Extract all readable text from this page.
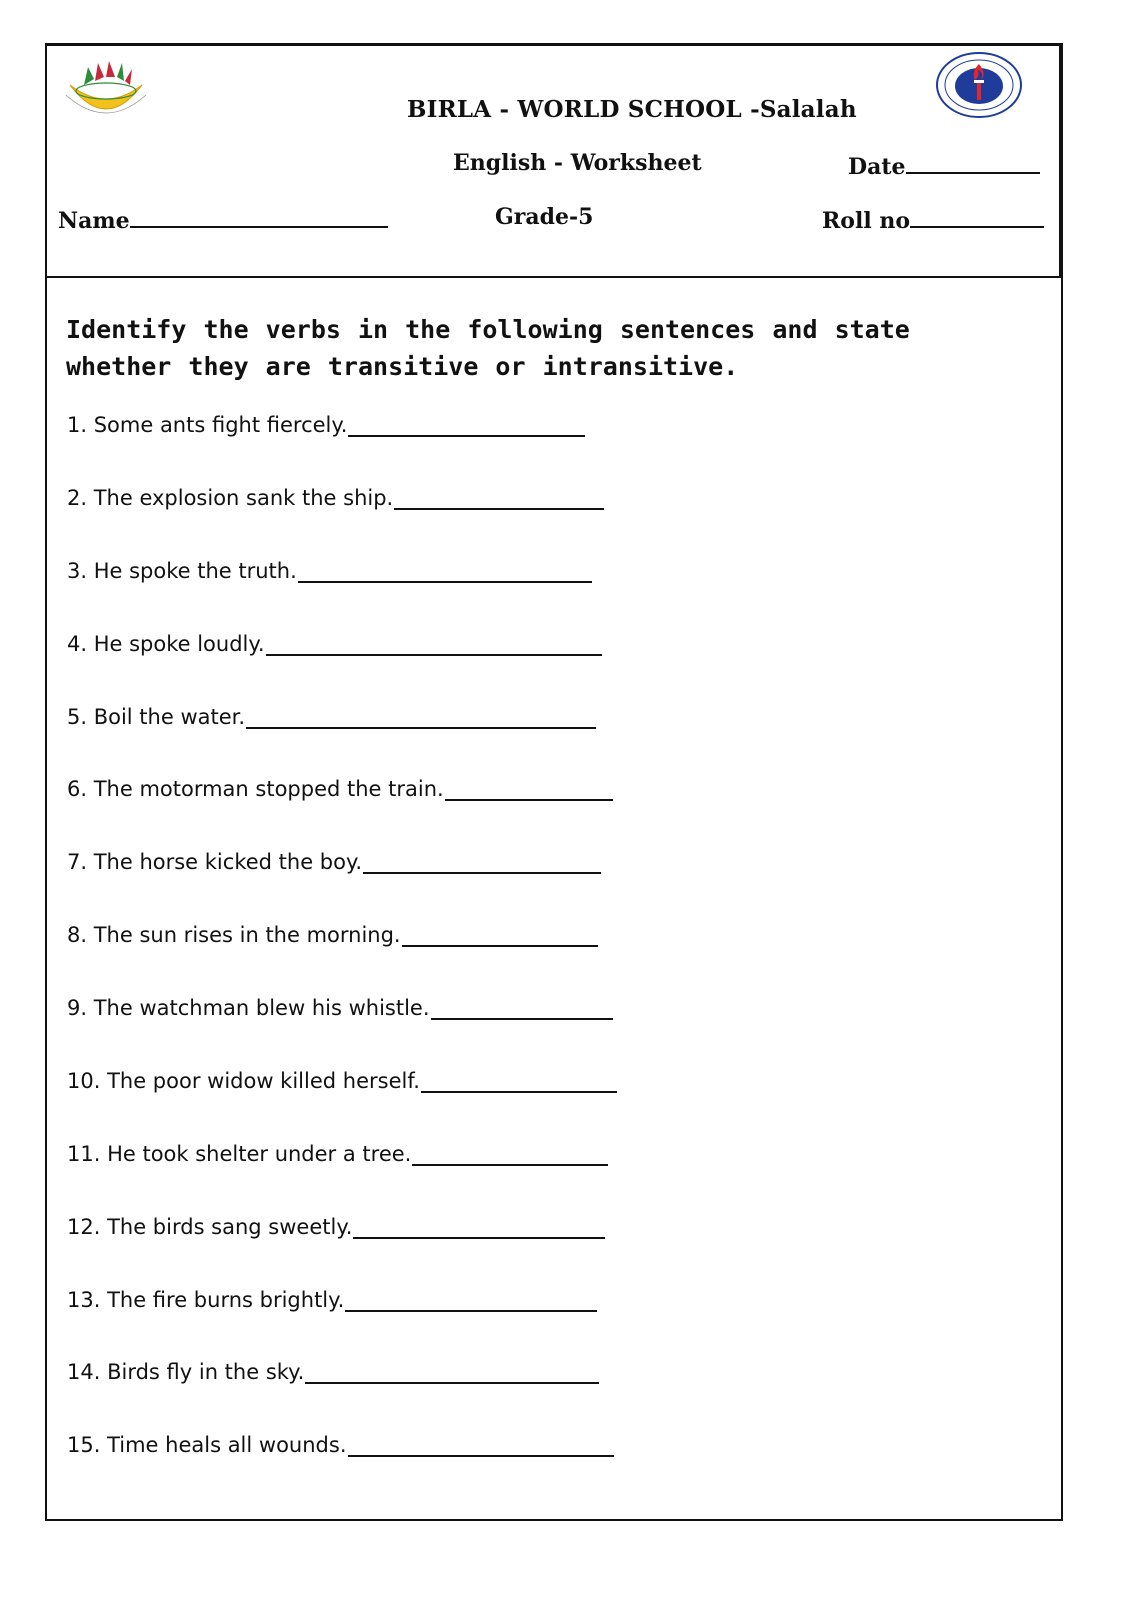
BIRLA - WORLD SCHOOL -Salalah
English - Worksheet	Date
Name	Grade-5	Roll no

Identify the verbs in the following sentences and state whether they are transitive or intransitive.

1. Some ants fight fiercely.
2. The explosion sank the ship.
3. He spoke the truth.
4. He spoke loudly.
5. Boil the water.
6. The motorman stopped the train.
7. The horse kicked the boy.
8. The sun rises in the morning.
9. The watchman blew his whistle.
10. The poor widow killed herself.
11. He took shelter under a tree.
12. The birds sang sweetly.
13. The fire burns brightly.
14. Birds fly in the sky.
15. Time heals all wounds.
